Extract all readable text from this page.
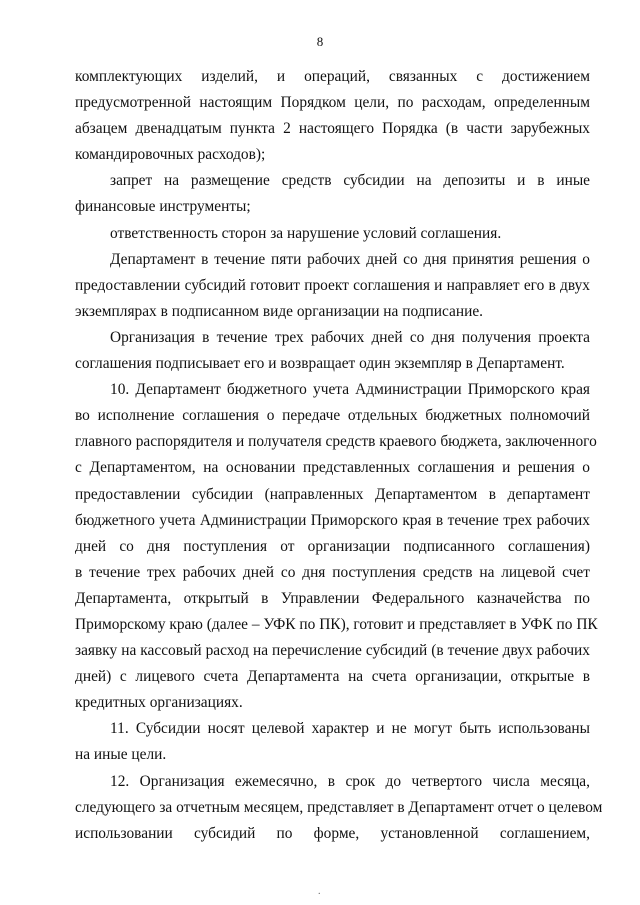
8
комплектующих изделий, и операций, связанных с достижением
предусмотренной настоящим Порядком цели, по расходам, определенным
абзацем двенадцатым пункта 2 настоящего Порядка (в части зарубежных
командировочных расходов);
запрет на размещение средств субсидии на депозиты и в иные
финансовые инструменты;
ответственность сторон за нарушение условий соглашения.
Департамент в течение пяти рабочих дней со дня принятия решения о
предоставлении субсидий готовит проект соглашения и направляет его в двух
экземплярах в подписанном виде организации на подписание.
Организация в течение трех рабочих дней со дня получения проекта
соглашения подписывает его и возвращает один экземпляр в Департамент.
10. Департамент бюджетного учета Администрации Приморского края
во исполнение соглашения о передаче отдельных бюджетных полномочий
главного распорядителя и получателя средств краевого бюджета, заключенного
с Департаментом, на основании представленных соглашения и решения о
предоставлении субсидии (направленных Департаментом в департамент
бюджетного учета Администрации Приморского края в течение трех рабочих
дней со дня поступления от организации подписанного соглашения)
в течение трех рабочих дней со дня поступления средств на лицевой счет
Департамента, открытый в Управлении Федерального казначейства по
Приморскому краю (далее – УФК по ПК), готовит и представляет в УФК по ПК
заявку на кассовый расход на перечисление субсидий (в течение двух рабочих
дней) с лицевого счета Департамента на счета организации, открытые в
кредитных организациях.
11. Субсидии носят целевой характер и не могут быть использованы
на иные цели.
12. Организация ежемесячно, в срок до четвертого числа месяца,
следующего за отчетным месяцем, представляет в Департамент отчет о целевом
использовании субсидий по форме, установленной соглашением,
.
